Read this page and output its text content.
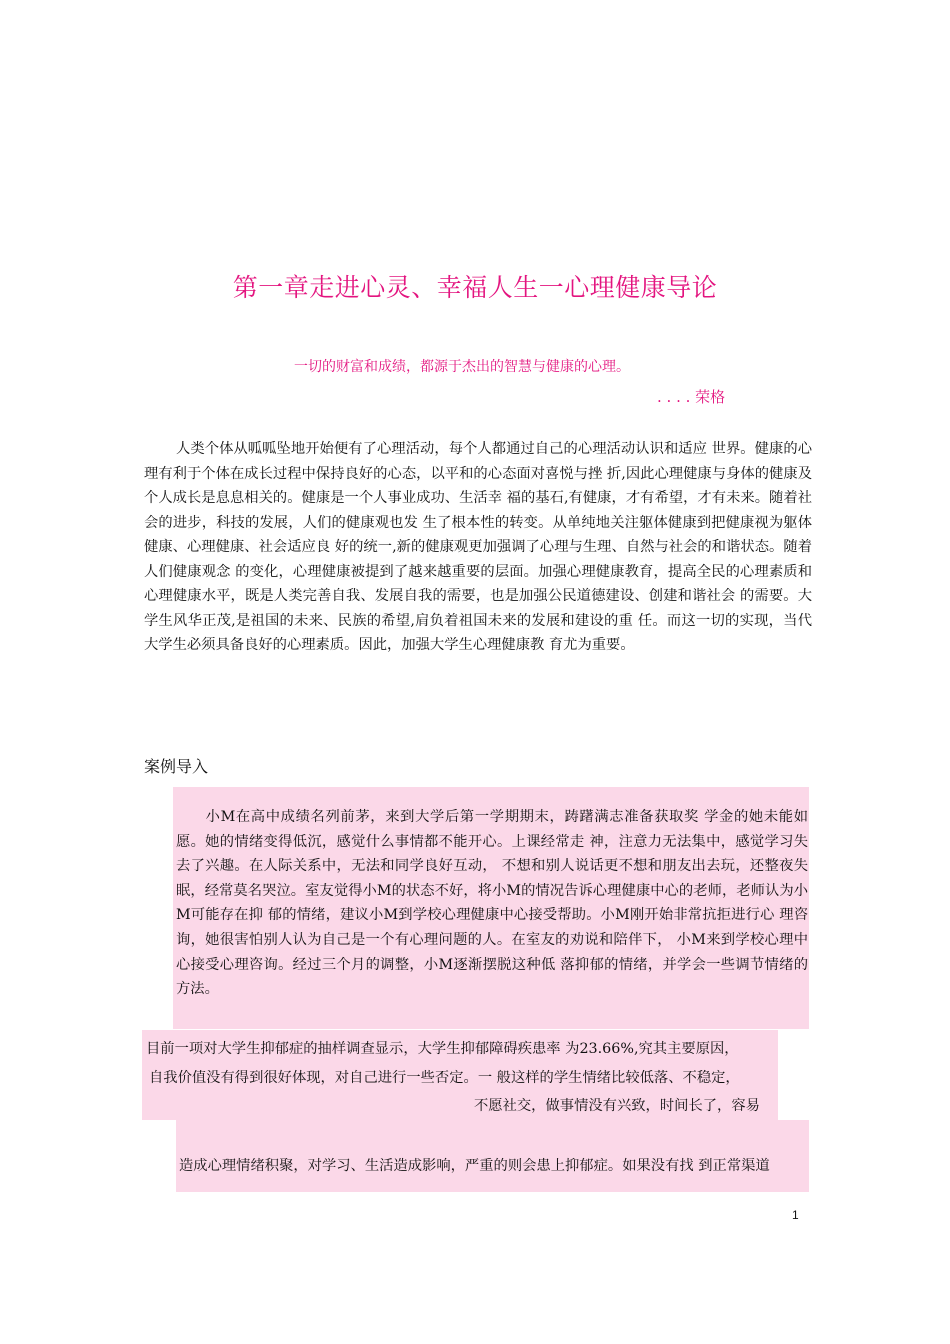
第一章走进心灵、幸福人生一心理健康导论
一切的财富和成绩，都源于杰出的智慧与健康的心理。
. . . . 荣格
人类个体从呱呱坠地开始便有了心理活动，每个人都通过自己的心理活动认识和适应 世界。健康的心理有利于个体在成长过程中保持良好的心态，以平和的心态面对喜悦与挫 折,因此心理健康与身体的健康及个人成长是息息相关的。健康是一个人事业成功、生活幸 福的基石,有健康，才有希望，才有未来。随着社会的进步，科技的发展，人们的健康观也发 生了根本性的转变。从单纯地关注躯体健康到把健康视为躯体健康、心理健康、社会适应良 好的统一,新的健康观更加强调了心理与生理、自然与社会的和谐状态。随着人们健康观念 的变化，心理健康被提到了越来越重要的层面。加强心理健康教育，提高全民的心理素质和 心理健康水平，既是人类完善自我、发展自我的需要，也是加强公民道德建设、创建和谐社会 的需要。大学生风华正茂,是祖国的未来、民族的希望,肩负着祖国未来的发展和建设的重 任。而这一切的实现，当代大学生必须具备良好的心理素质。因此，加强大学生心理健康教 育尤为重要。
案例导入
小M在高中成绩名列前茅，来到大学后第一学期期末，踌躇满志准备获取奖 学金的她未能如愿。她的情绪变得低沉，感觉什么事情都不能开心。上课经常走 神，注意力无法集中，感觉学习失去了兴趣。在人际关系中，无法和同学良好互动， 不想和别人说话更不想和朋友出去玩，还整夜失眠，经常莫名哭泣。室友觉得小M的状态不好，将小M的情况告诉心理健康中心的老师，老师认为小M可能存在抑 郁的情绪，建议小M到学校心理健康中心接受帮助。小M刚开始非常抗拒进行心 理咨询，她很害怕别人认为自己是一个有心理问题的人。在室友的劝说和陪伴下， 小M来到学校心理中心接受心理咨询。经过三个月的调整，小M逐渐摆脱这种低 落抑郁的情绪，并学会一些调节情绪的方法。
目前一项对大学生抑郁症的抽样调查显示，大学生抑郁障碍疾患率 为23.66%,究其主要原因，
自我价值没有得到很好体现，对自己进行一些否定。一 般这样的学生情绪比较低落、不稳定，
不愿社交，做事情没有兴致，时间长了，容易
造成心理情绪积聚，对学习、生活造成影响，严重的则会患上抑郁症。如果没有找 到正常渠道
1
